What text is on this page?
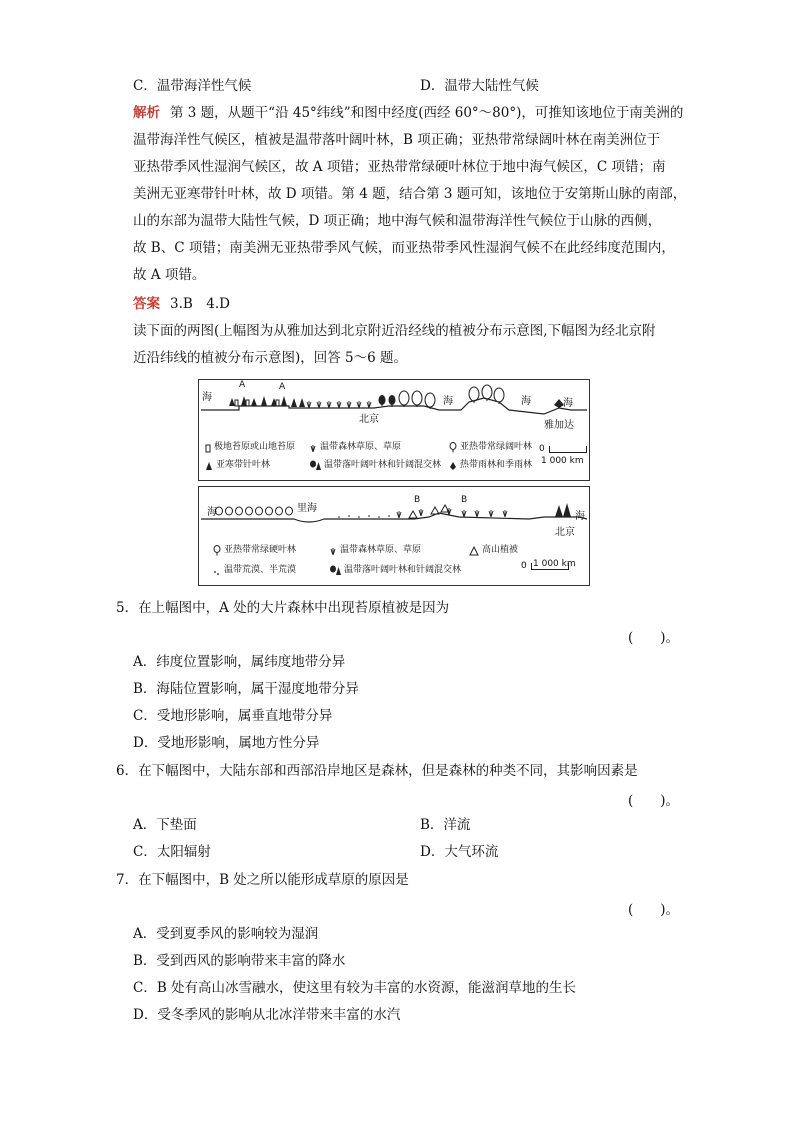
C．温带海洋性气候	D．温带大陆性气候
解析 第 3 题，从题干“沿 45°纬线”和图中经度(西经 60°～80°)，可推知该地位于南美洲的
温带海洋性气候区，植被是温带落叶阔叶林，B 项正确；亚热带常绿阔叶林在南美洲位于
亚热带季风性湿润气候区，故 A 项错；亚热带常绿硬叶林位于地中海气候区，C 项错；南
美洲无亚寒带针叶林，故 D 项错。第 4 题，结合第 3 题可知，该地位于安第斯山脉的南部，
山的东部为温带大陆性气候，D 项正确；地中海气候和温带海洋性气候位于山脉的西侧，
故 B、C 项错；南美洲无亚热带季风气候，而亚热带季风性湿润气候不在此经纬度范围内，
故 A 项错。
答案 3.B　4.D
读下面的两图(上幅图为从雅加达到北京附近沿经线的植被分布示意图,下幅图为经北京附
近沿纬线的植被分布示意图)，回答 5～6 题。
海
A	A
北京
海	海	海
雅加达
极地苔原或山地苔原	温带森林草原、草原	亚热带常绿阔叶林
亚寒带针叶林	温带落叶阔叶林和针阔混交林 热带雨林和季雨林
0
1 000 km
海	里海
B	B
北京
海
亚热带常绿硬叶林	温带森林草原、草原	高山植被
温带荒漠、半荒漠	温带落叶阔叶林和针阔混交林	0 1 000 km
5．在上幅图中，A 处的大片森林中出现苔原植被是因为
(　　)。
A．纬度位置影响，属纬度地带分异
B．海陆位置影响，属干湿度地带分异
C．受地形影响，属垂直地带分异
D．受地形影响，属地方性分异
6．在下幅图中，大陆东部和西部沿岸地区是森林，但是森林的种类不同，其影响因素是
(　　)。
A．下垫面	B．洋流
C．太阳辐射	D．大气环流
7．在下幅图中，B 处之所以能形成草原的原因是
(　　)。
A．受到夏季风的影响较为湿润
B．受到西风的影响带来丰富的降水
C．B 处有高山冰雪融水，使这里有较为丰富的水资源，能滋润草地的生长
D．受冬季风的影响从北冰洋带来丰富的水汽
